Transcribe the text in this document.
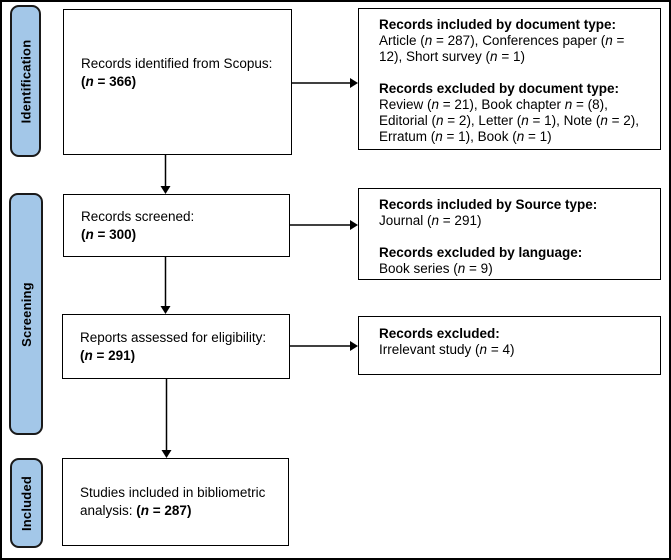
Identification
Screening
Included

Records identified from Scopus:
(n = 366)

Records screened:
(n = 300)

Reports assessed for eligibility:
(n = 291)

Studies included in bibliometric
analysis: (n = 287)

Records included by document type:
Article (n = 287), Conferences paper (n =
12), Short survey (n = 1)

Records excluded by document type:
Review (n = 21), Book chapter n = (8),
Editorial (n = 2), Letter (n = 1), Note (n = 2),
Erratum (n = 1), Book (n = 1)

Records included by Source type:
Journal (n = 291)

Records excluded by language:
Book series (n = 9)

Records excluded:
Irrelevant study (n = 4)
